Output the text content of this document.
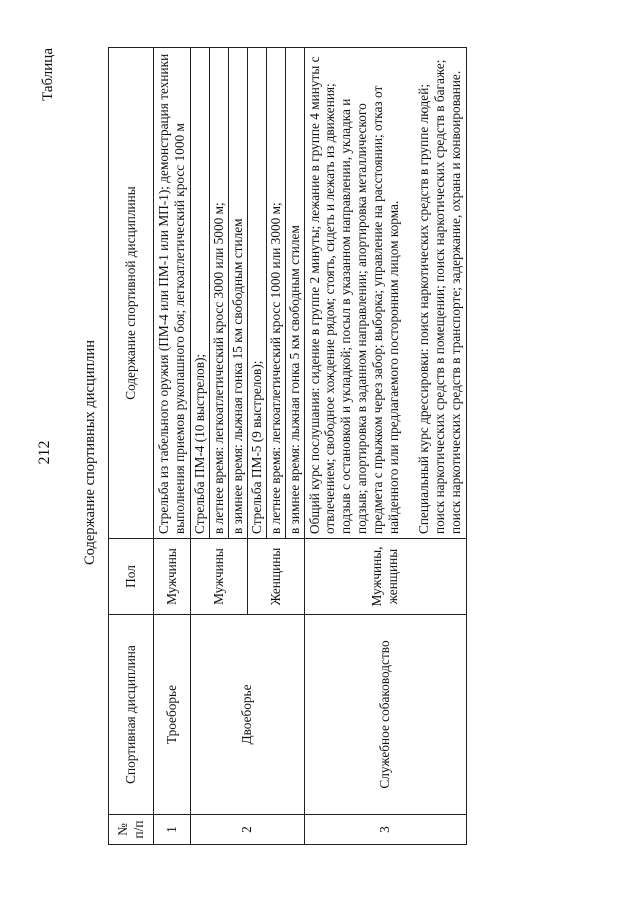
212
Таблица
Содержание спортивных дисциплин
№ п/п	Спортивная дисциплина	Пол	Содержание спортивной дисциплины
1	Троеборье	Мужчины	Стрельба из табельного оружия (ПМ-4 или ПМ-1 или МП-1); демонстрация техники выполнения приемов рукопашного боя; легкоатлетический кросс 1000 м
2	Двоеборье	Мужчины	Стрельба ПМ-4 (10 выстрелов); в летнее время: легкоатлетический кросс 3000 или 5000 м; в зимнее время: лыжная гонка 15 км свободным стилем

		Женщины	Стрельба ПМ-5 (9 выстрелов); в летнее время: легкоатлетический кросс 1000 или 3000 м; в зимнее время: лыжная гонка 5 км свободным стилем

3	Служебное собаководство	Мужчины, женщины	Общий курс послушания: сидение в группе 2 минуты; лежание в группе 4 минуты с отвлечением; свободное хождение рядом; стоять, сидеть и лежать из движения; подзыв с остановкой и укладкой; посыл в указанном направлении, укладка и подзыв; апортировка в заданном направлении; апортировка металлического предмета с прыжком через забор; выборка; управление на расстоянии; отказ от найденного или предлагаемого посторонним лицом корма. Специальный курс дрессировки: поиск наркотических средств в группе людей; поиск наркотических средств в помещении; поиск наркотических средств в багаже; поиск наркотических средств в транспорте; задержание, охрана и конвоирование.
